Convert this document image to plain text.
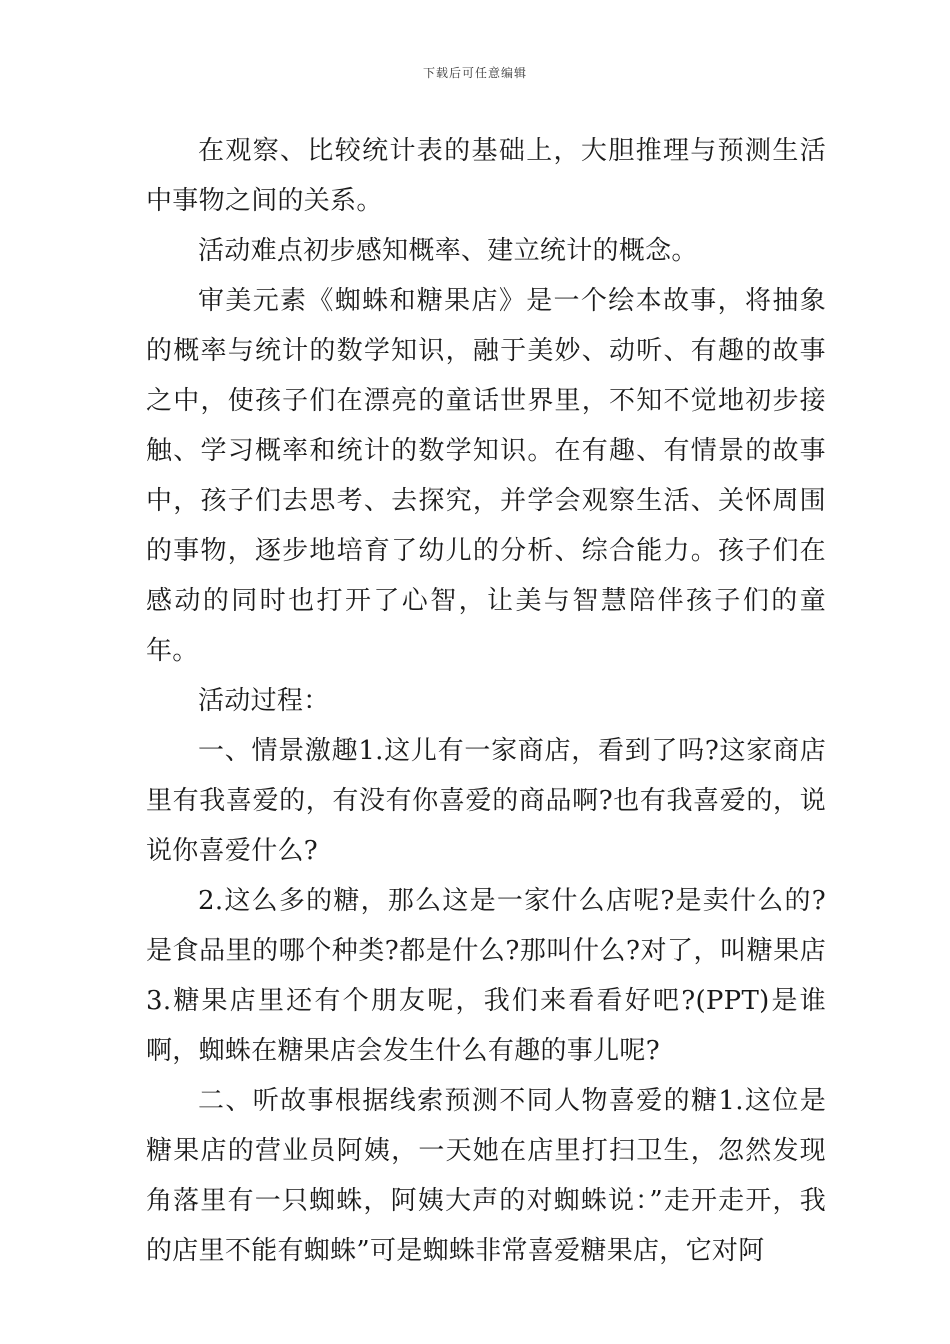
下载后可任意编辑

在观察、比较统计表的基础上，大胆推理与预测生活中事物之间的关系。

活动难点初步感知概率、建立统计的概念。

审美元素《蜘蛛和糖果店》是一个绘本故事，将抽象的概率与统计的数学知识，融于美妙、动听、有趣的故事之中，使孩子们在漂亮的童话世界里，不知不觉地初步接触、学习概率和统计的数学知识。在有趣、有情景的故事中，孩子们去思考、去探究，并学会观察生活、关怀周围的事物，逐步地培育了幼儿的分析、综合能力。孩子们在感动的同时也打开了心智，让美与智慧陪伴孩子们的童年。

活动过程：

一、情景激趣1.这儿有一家商店，看到了吗?这家商店里有我喜爱的，有没有你喜爱的商品啊?也有我喜爱的，说说你喜爱什么?

2.这么多的糖，那么这是一家什么店呢?是卖什么的?是食品里的哪个种类?都是什么?那叫什么?对了，叫糖果店3.糖果店里还有个朋友呢，我们来看看好吧?(PPT)是谁啊，蜘蛛在糖果店会发生什么有趣的事儿呢?

二、听故事根据线索预测不同人物喜爱的糖1.这位是糖果店的营业员阿姨，一天她在店里打扫卫生，忽然发现角落里有一只蜘蛛，阿姨大声的对蜘蛛说：”走开走开，我的店里不能有蜘蛛”可是蜘蛛非常喜爱糖果店，它对阿
